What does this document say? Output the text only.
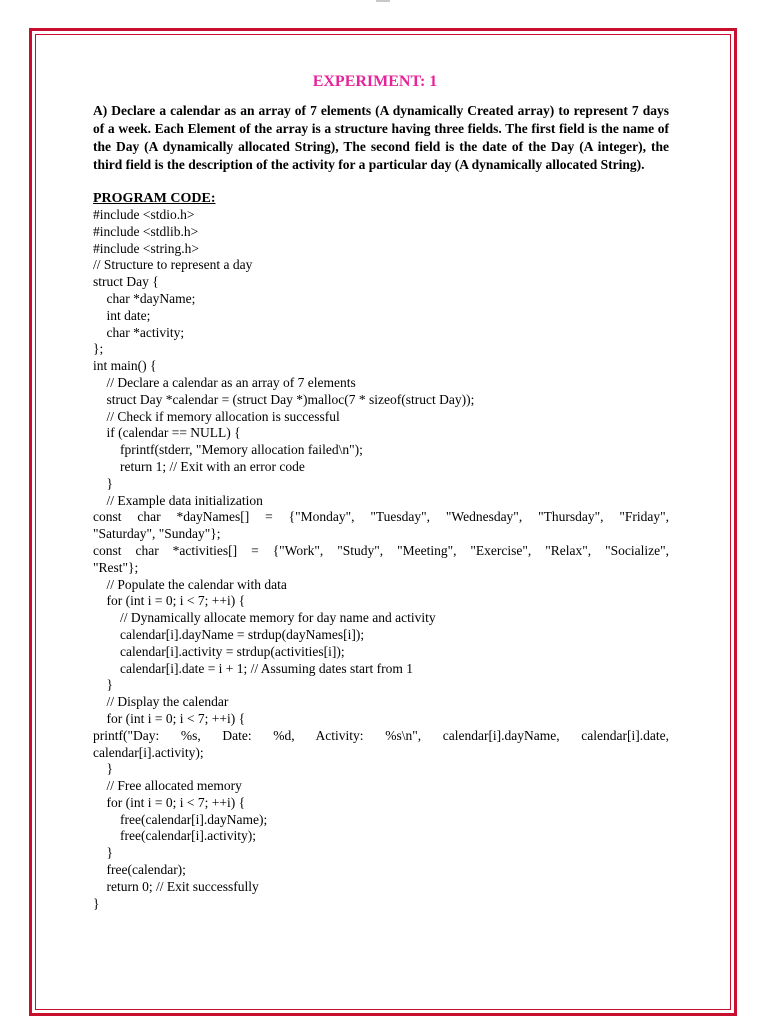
EXPERIMENT: 1

A) Declare a calendar as an array of 7 elements (A dynamically Created array) to represent 7 days of a week. Each Element of the array is a structure having three fields. The first field is the name of the Day (A dynamically allocated String), The second field is the date of the Day (A integer), the third field is the description of the activity for a particular day (A dynamically allocated String).

PROGRAM CODE:
#include <stdio.h>
#include <stdlib.h>
#include <string.h>
// Structure to represent a day
struct Day {
char *dayName;
int date;
char *activity;
};
int main() {
// Declare a calendar as an array of 7 elements
struct Day *calendar = (struct Day *)malloc(7 * sizeof(struct Day));
// Check if memory allocation is successful
if (calendar == NULL) {
fprintf(stderr, "Memory allocation failed\n");
return 1; // Exit with an error code
}
// Example data initialization
const char *dayNames[] = {"Monday", "Tuesday", "Wednesday", "Thursday", "Friday",
"Saturday", "Sunday"};
const char *activities[] = {"Work", "Study", "Meeting", "Exercise", "Relax", "Socialize",
"Rest"};
// Populate the calendar with data
for (int i = 0; i < 7; ++i) {
// Dynamically allocate memory for day name and activity
calendar[i].dayName = strdup(dayNames[i]);
calendar[i].activity = strdup(activities[i]);
calendar[i].date = i + 1; // Assuming dates start from 1
}
// Display the calendar
for (int i = 0; i < 7; ++i) {
printf("Day: %s, Date: %d, Activity: %s\n", calendar[i].dayName, calendar[i].date,
calendar[i].activity);
}
// Free allocated memory
for (int i = 0; i < 7; ++i) {
free(calendar[i].dayName);
free(calendar[i].activity);
}
free(calendar);
return 0; // Exit successfully
}
